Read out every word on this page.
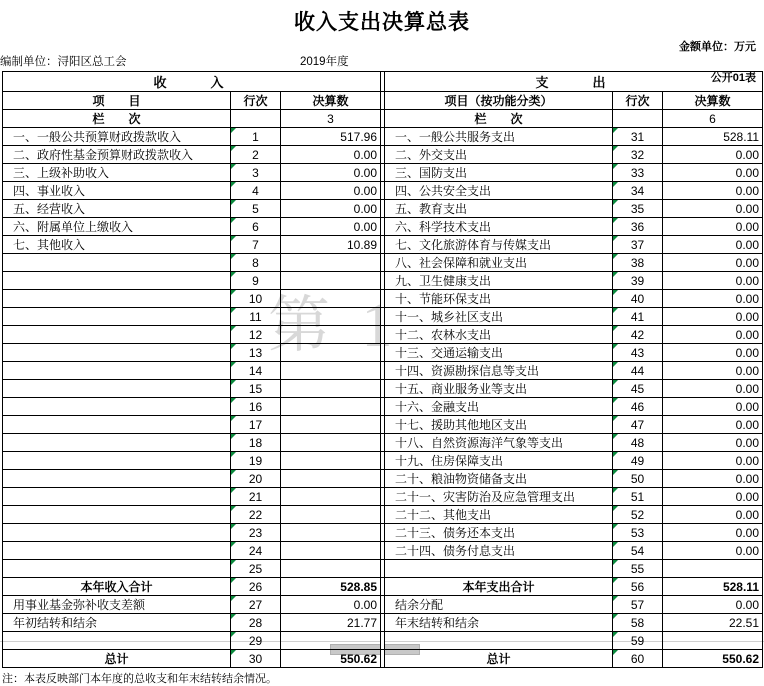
收入支出决算总表
金额单位：万元
编制单位：浔阳区总工会	2019年度
公开01表
第 1
收　　入				支　　出		
项　　目	行次	决算数		项目（按功能分类）	行次	决算数
栏　　次		3		栏　　次		6
一、一般公共预算财政拨款收入	1	517.96		一、一般公共服务支出	31	528.11
二、政府性基金预算财政拨款收入	2	0.00		二、外交支出	32	0.00
三、上级补助收入	3	0.00		三、国防支出	33	0.00
四、事业收入	4	0.00		四、公共安全支出	34	0.00
五、经营收入	5	0.00		五、教育支出	35	0.00
六、附属单位上缴收入	6	0.00		六、科学技术支出	36	0.00
七、其他收入	7	10.89		七、文化旅游体育与传媒支出	37	0.00
	8			八、社会保障和就业支出	38	0.00
	9			九、卫生健康支出	39	0.00
	10			十、节能环保支出	40	0.00
	11			十一、城乡社区支出	41	0.00
	12			十二、农林水支出	42	0.00
	13			十三、交通运输支出	43	0.00
	14			十四、资源勘探信息等支出	44	0.00
	15			十五、商业服务业等支出	45	0.00
	16			十六、金融支出	46	0.00
	17			十七、援助其他地区支出	47	0.00
	18			十八、自然资源海洋气象等支出	48	0.00
	19			十九、住房保障支出	49	0.00
	20			二十、粮油物资储备支出	50	0.00
	21			二十一、灾害防治及应急管理支出	51	0.00
	22			二十二、其他支出	52	0.00
	23			二十三、债务还本支出	53	0.00
	24			二十四、债务付息支出	54	0.00
	25				55	
本年收入合计	26	528.85		本年支出合计	56	528.11
用事业基金弥补收支差额	27	0.00		结余分配	57	0.00
年初结转和结余	28	21.77		年末结转和结余	58	22.51
	29				59	
总计	30	550.62		总计	60	550.62
注：本表反映部门本年度的总收支和年末结转结余情况。
